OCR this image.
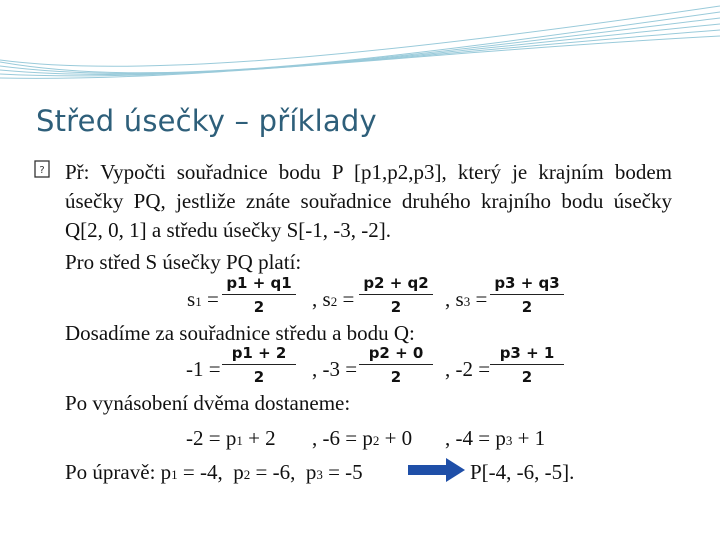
Střed úsečky – příklady
? Př: Vypočti souřadnice bodu P [p1,p2,p3], který je krajním bodem úsečky PQ, jestliže znáte souřadnice druhého krajního bodu úsečky Q[2, 0, 1] a středu úsečky S[-1, -3, -2].
Pro střed S úsečky PQ platí:
s1 =
p1 + q1
2	, s2 =
p2 + q2
2	, s3 =
p3 + q3
2
Dosadíme za souřadnice středu a bodu Q:
-1 =
p1 + 2
2	, -3 =
p2 + 0
2	, -2 =
p3 + 1
2
Po vynásobení dvěma dostaneme:
-2 = p1 + 2 , -6 = p2 + 0 , -4 = p3 + 1
Po úpravě: p1 = -4, p2 = -6, p3 = -5	P[-4, -6, -5].
